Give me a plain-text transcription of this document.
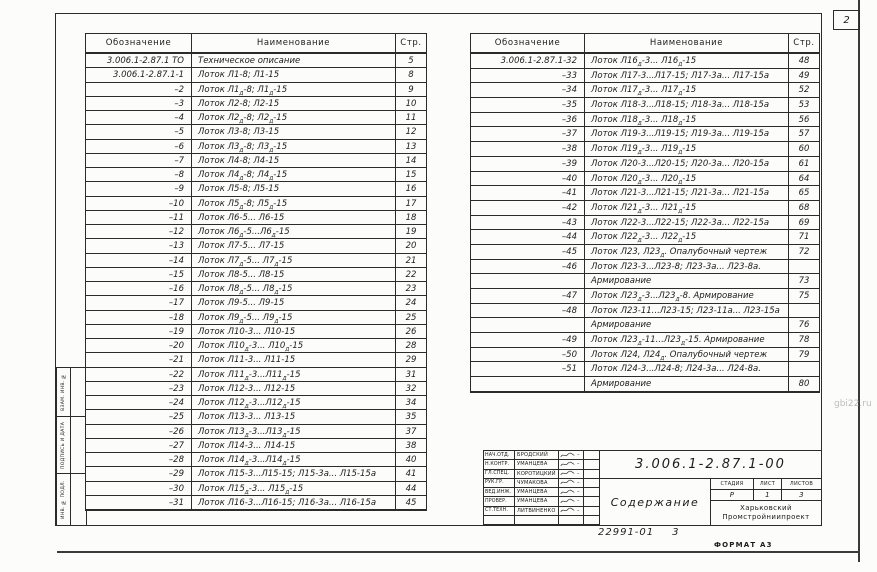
2
ВЗАМ. ИНВ. №
ПОДПИСЬ И ДАТА
ИНВ. № ПОДЛ.
Обозначение	Наименование	Стр.
3.006.1-2.87.1 ТО	Техническое описание	5
3.006.1-2.87.1-1	Лоток Л1-8; Л1-15	8
–2	Лоток $Л1_д-8$; $Л1_д-15$	9
–3	Лоток Л2-8; Л2-15	10
–4	Лоток $Л2_д-8$; $Л2_д-15$	11
–5	Лоток Л3-8; Л3-15	12
–6	Лоток $Л3_д-8$; $Л3_д-15$	13
–7	Лоток Л4-8; Л4-15	14
–8	Лоток $Л4_д-8$; $Л4_д-15$	15
–9	Лоток Л5-8; Л5-15	16
–10	Лоток $Л5_д-8$; $Л5_д-15$	17
–11	Лоток Л6-5... Л6-15	18
–12	Лоток $Л6_д-5...Л6_д-15$	19
–13	Лоток Л7-5... Л7-15	20
–14	Лоток $Л7_д-5$... $Л7_д-15$	21
–15	Лоток Л8-5... Л8-15	22
–16	Лоток $Л8_д-5$... $Л8_д-15$	23
–17	Лоток Л9-5... Л9-15	24
–18	Лоток $Л9_д-5$... $Л9_д-15$	25
–19	Лоток Л10-3... Л10-15	26
–20	Лоток $Л10_д-3$... $Л10_д-15$	28
–21	Лоток Л11-3... Л11-15	29
–22	Лоток $Л11_д-3...Л11_д-15$	31
–23	Лоток Л12-3... Л12-15	32
–24	Лоток $Л12_д-3...Л12_д-15$	34
–25	Лоток Л13-3... Л13-15	35
–26	Лоток $Л13_д-3...Л13_д-15$	37
–27	Лоток Л14-3... Л14-15	38
–28	Лоток $Л14_д-3...Л14_д-15$	40
–29	Лоток Л15-3...Л15-15; Л15-3а... Л15-15а	41
–30	Лоток $Л15_д-3$... $Л15_д-15$	44
–31	Лоток Л16-3...Л16-15; Л16-3а... Л16-15а	45
Обозначение	Наименование	Стр.
3.006.1-2.87.1-32	Лоток $Л16_д-3$... $Л16_д-15$	48
–33	Лоток Л17-3...Л17-15; Л17-3а... Л17-15а	49
–34	Лоток $Л17_д-3$... $Л17_д-15$	52
–35	Лоток Л18-3...Л18-15; Л18-3а... Л18-15а	53
–36	Лоток $Л18_д-3$... $Л18_д-15$	56
–37	Лоток Л19-3...Л19-15; Л19-3а... Л19-15а	57
–38	Лоток $Л19_д-3$... $Л19_д-15$	60
–39	Лоток Л20-3...Л20-15; Л20-3а... Л20-15а	61
–40	Лоток $Л20_д-3$... $Л20_д-15$	64
–41	Лоток Л21-3...Л21-15; Л21-3а... Л21-15а	65
–42	Лоток $Л21_д-3$... $Л21_д-15$	68
–43	Лоток Л22-3...Л22-15; Л22-3а... Л22-15а	69
–44	Лоток $Л22_д-3$... $Л22_д-15$	71
–45	Лоток Л23, $Л23_д$. Опалубочный чертеж	72
–46	Лоток Л23-3...Л23-8; Л23-3а... Л23-8а.
Армирование	73
–47	Лоток $Л23_д-3...Л23_д-8$. Армирование	75
–48	Лоток Л23-11...Л23-15; Л23-11а... Л23-15а
Армирование	76
–49	Лоток $Л23_д-11...Л23_д-15$. Армирование	78
–50	Лоток Л24, $Л24_д$. Опалубочный чертеж	79
–51	Лоток Л24-3...Л24-8; Л24-3а... Л24-8а.
Армирование	80
НАЧ.ОТД.	БРОДСКИЙ	–
Н.КОНТР.	УМАНЦЕВА	–
ГЛ.СПЕЦ.	КОРОТИЦКИЙ	–
РУК.ГР.	ЧУМАКОВА	–
ВЕД.ИНЖ.	УМАНЦЕВА	–
ПРОВЕР.	УМАНЦЕВА	–
СТ.ТЕХН.	ЛИТВИНЕНКО	–
3.006.1-2.87.1-00
Содержание
СТАДИЯ	ЛИСТ	ЛИСТОВ
Р	1	3
Харьковский
Промстройниипроект
22991-01 3
ФОРМАТ А3
gbi22.ru
